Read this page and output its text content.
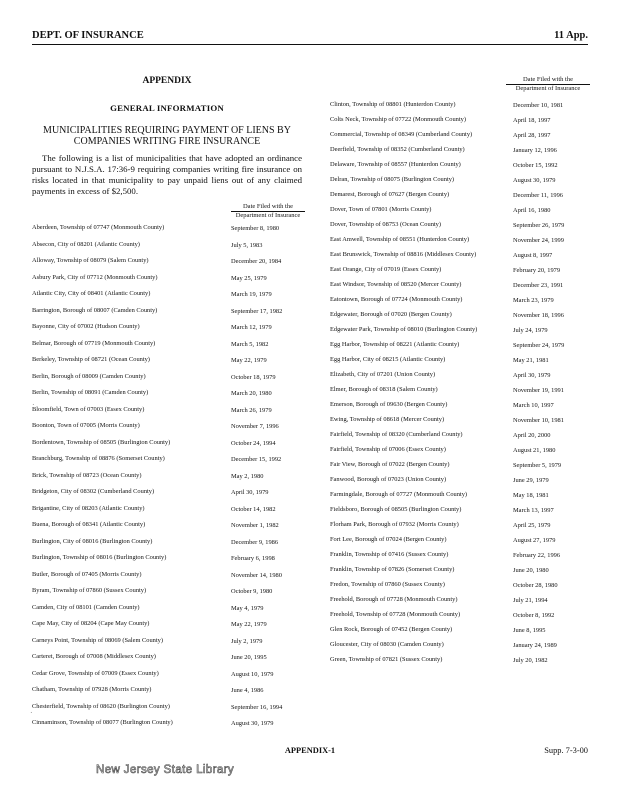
DEPT. OF INSURANCE	11 App.
APPENDIX
GENERAL INFORMATION
MUNICIPALITIES REQUIRING PAYMENT OF LIENS BY COMPANIES WRITING FIRE INSURANCE
The following is a list of municipalities that have adopted an ordinance pursuant to N.J.S.A. 17:36-9 requiring companies writing fire insurance on risks located in that municipality to pay unpaid liens out of any claimed payments in excess of $2,500.
Date Filed with the
Department of Insurance
Aberdeen, Township of 07747 (Monmouth County)	September 8, 1980
Absecon, City of 08201 (Atlantic County)	July 5, 1983
Alloway, Township of 08079 (Salem County)	December 20, 1984
Asbury Park, City of 07712 (Monmouth County)	May 25, 1979
Atlantic City, City of 08401 (Atlantic County)	March 19, 1979
Barrington, Borough of 08007 (Camden County)	September 17, 1982
Bayonne, City of 07002 (Hudson County)	March 12, 1979
Belmar, Borough of 07719 (Monmouth County)	March 5, 1982
Berkeley, Township of 08721 (Ocean County)	May 22, 1979
Berlin, Borough of 08009 (Camden County)	October 18, 1979
Berlin, Township of 08091 (Camden County)	March 20, 1980
Bloomfield, Town of 07003 (Essex County)	March 26, 1979
Boonton, Town of 07005 (Morris County)	November 7, 1996
Bordentown, Township of 08505 (Burlington County)	October 24, 1994
Branchburg, Township of 08876 (Somerset County)	December 15, 1992
Brick, Township of 08723 (Ocean County)	May 2, 1980
Bridgeton, City of 08302 (Cumberland County)	April 30, 1979
Brigantine, City of 08203 (Atlantic County)	October 14, 1982
Buena, Borough of 08341 (Atlantic County)	November 1, 1982
Burlington, City of 08016 (Burlington County)	December 9, 1986
Burlington, Township of 08016 (Burlington County)	February 6, 1998
Butler, Borough of 07405 (Morris County)	November 14, 1980
Byram, Township of 07860 (Sussex County)	October 9, 1980
Camden, City of 08101 (Camden County)	May 4, 1979
Cape May, City of 08204 (Cape May County)	May 22, 1979
Carneys Point, Township of 08069 (Salem County)	July 2, 1979
Carteret, Borough of 07008 (Middlesex County)	June 20, 1995
Cedar Grove, Township of 07009 (Essex County)	August 10, 1979
Chatham, Township of 07928 (Morris County)	June 4, 1986
Chesterfield, Township of 08620 (Burlington County)	September 16, 1994
Cinnaminson, Township of 08077 (Burlington County)	August 30, 1979
Date Filed with the
Department of Insurance
Clinton, Township of 08801 (Hunterdon County)	December 10, 1981
Colts Neck, Township of 07722 (Monmouth County)	April 18, 1997
Commercial, Township of 08349 (Cumberland County)	April 28, 1997
Deerfield, Township of 08352 (Cumberland County)	January 12, 1996
Delaware, Township of 08557 (Hunterdon County)	October 15, 1992
Delran, Township of 08075 (Burlington County)	August 30, 1979
Demarest, Borough of 07627 (Bergen County)	December 11, 1996
Dover, Town of 07801 (Morris County)	April 16, 1980
Dover, Township of 08753 (Ocean County)	September 26, 1979
East Amwell, Township of 08551 (Hunterdon County)	November 24, 1999
East Brunswick, Township of 08816 (Middlesex County)	August 8, 1997
East Orange, City of 07019 (Essex County)	February 20, 1979
East Windsor, Township of 08520 (Mercer County)	December 23, 1991
Eatontown, Borough of 07724 (Monmouth County)	March 23, 1979
Edgewater, Borough of 07020 (Bergen County)	November 18, 1996
Edgewater Park, Township of 08010 (Burlington County)	July 24, 1979
Egg Harbor, Township of 08221 (Atlantic County)	September 24, 1979
Egg Harbor, City of 08215 (Atlantic County)	May 21, 1981
Elizabeth, City of 07201 (Union County)	April 30, 1979
Elmer, Borough of 08318 (Salem County)	November 19, 1991
Emerson, Borough of 09630 (Bergen County)	March 10, 1997
Ewing, Township of 08618 (Mercer County)	November 10, 1981
Fairfield, Township of 08320 (Cumberland County)	April 20, 2000
Fairfield, Township of 07006 (Essex County)	August 21, 1980
Fair View, Borough of 07022 (Bergen County)	September 5, 1979
Fanwood, Borough of 07023 (Union County)	June 29, 1979
Farmingdale, Borough of 07727 (Monmouth County)	May 18, 1981
Fieldsboro, Borough of 08505 (Burlington County)	March 13, 1997
Florham Park, Borough of 07932 (Morris County)	April 25, 1979
Fort Lee, Borough of 07024 (Bergen County)	August 27, 1979
Franklin, Township of 07416 (Sussex County)	February 22, 1996
Franklin, Township of 07826 (Somerset County)	June 20, 1980
Fredon, Township of 07860 (Sussex County)	October 28, 1980
Freehold, Borough of 07728 (Monmouth County)	July 21, 1994
Freehold, Township of 07728 (Monmouth County)	October 8, 1992
Glen Rock, Borough of 07452 (Bergen County)	June 8, 1995
Gloucester, City of 08030 (Camden County)	January 24, 1989
Green, Township of 07821 (Sussex County)	July 20, 1982
․
․
APPENDIX-1	Supp. 7-3-00
New Jersey State Library
